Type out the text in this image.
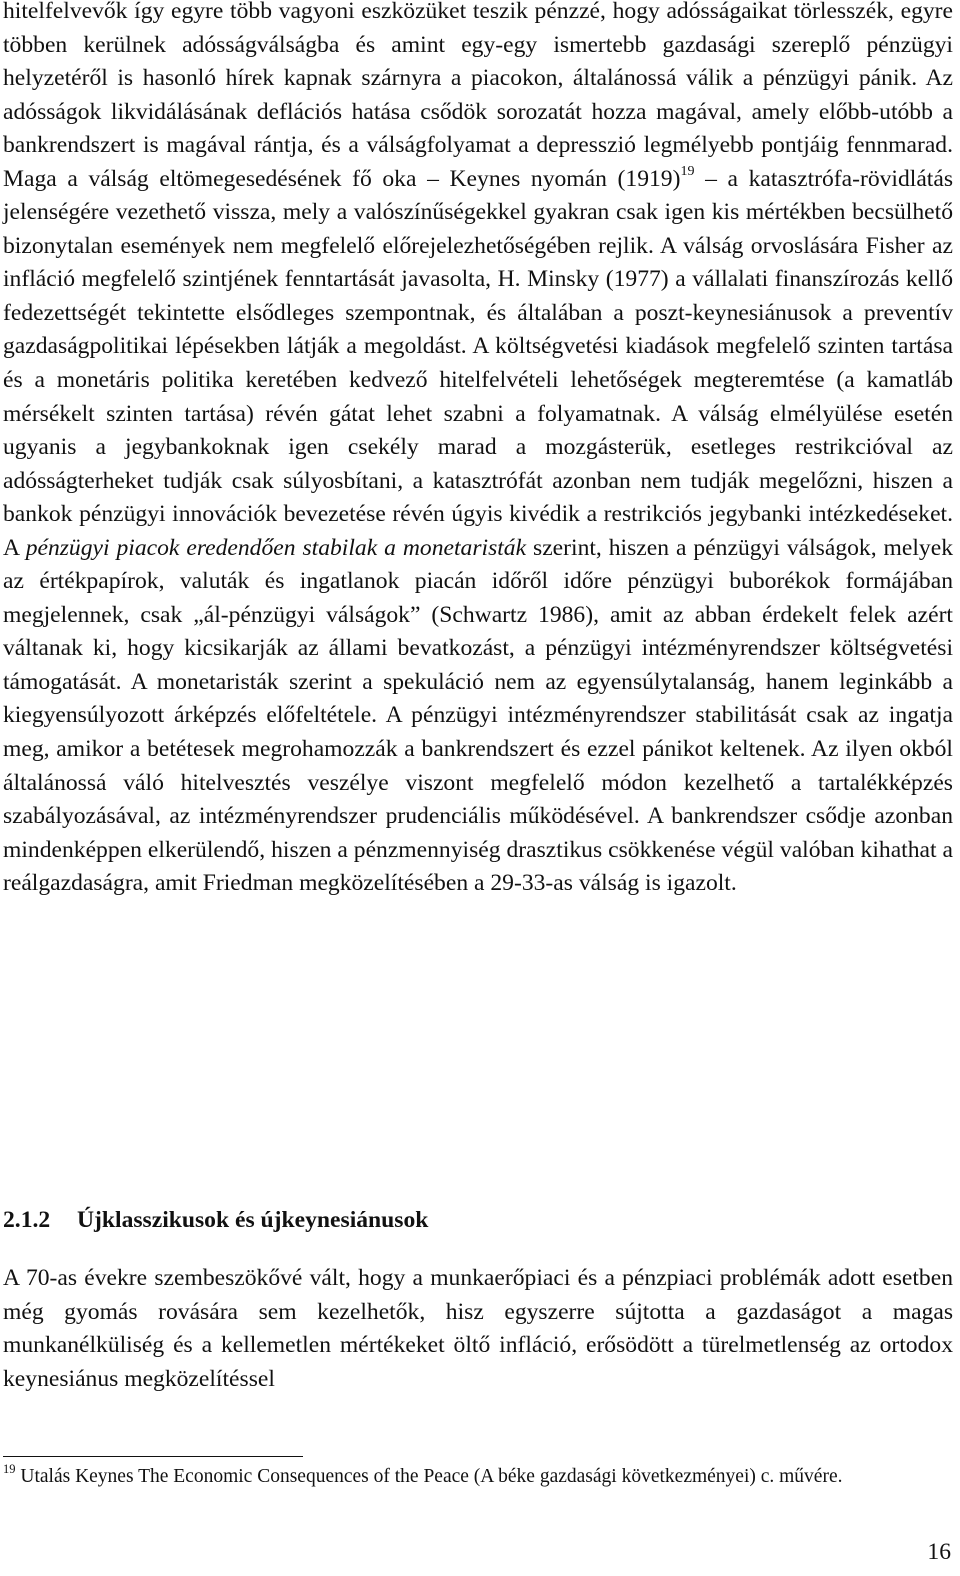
hitelfelvevők így egyre több vagyoni eszközüket teszik pénzzé, hogy adósságaikat törlesszék, egyre többen kerülnek adósságválságba és amint egy-egy ismertebb gazdasági szereplő pénzügyi helyzetéről is hasonló hírek kapnak szárnyra a piacokon, általánossá válik a pénzügyi pánik. Az adósságok likvidálásának deflációs hatása csődök sorozatát hozza magával, amely előbb-utóbb a bankrendszert is magával rántja, és a válságfolyamat a depresszió legmélyebb pontjáig fennmarad. Maga a válság eltömegesedésének fő oka – Keynes nyomán $(1919)^{19}$ – a katasztrófa-rövidlátás jelenségére vezethető vissza, mely a valószínűségekkel gyakran csak igen kis mértékben becsülhető bizonytalan események nem megfelelő előrejelezhetőségében rejlik. A válság orvoslására Fisher az infláció megfelelő szintjének fenntartását javasolta, H. Minsky (1977) a vállalati finanszírozás kellő fedezettségét tekintette elsődleges szempontnak, és általában a poszt-keynesiánusok a preventív gazdaságpolitikai lépésekben látják a megoldást. A költségvetési kiadások megfelelő szinten tartása és a monetáris politika keretében kedvező hitelfelvételi lehetőségek megteremtése (a kamatláb mérsékelt szinten tartása) révén gátat lehet szabni a folyamatnak. A válság elmélyülése esetén ugyanis a jegybankoknak igen csekély marad a mozgásterük, esetleges restrikcióval az adósságterheket tudják csak súlyosbítani, a katasztrófát azonban nem tudják megelőzni, hiszen a bankok pénzügyi innovációk bevezetése révén úgyis kivédik a restrikciós jegybanki intézkedéseket. A pénzügyi piacok eredendően stabilak a monetaristák szerint, hiszen a pénzügyi válságok, melyek az értékpapírok, valuták és ingatlanok piacán időről időre pénzügyi buborékok formájában megjelennek, csak „ál-pénzügyi válságok” (Schwartz 1986), amit az abban érdekelt felek azért váltanak ki, hogy kicsikarják az állami bevatkozást, a pénzügyi intézményrendszer költségvetési támogatását. A monetaristák szerint a spekuláció nem az egyensúlytalanság, hanem leginkább a kiegyensúlyozott árképzés előfeltétele. A pénzügyi intézményrendszer stabilitását csak az ingatja meg, amikor a betétesek megrohamozzák a bankrendszert és ezzel pánikot keltenek. Az ilyen okból általánossá váló hitelvesztés veszélye viszont megfelelő módon kezelhető a tartalékképzés szabályozásával, az intézményrendszer prudenciális működésével. A bankrendszer csődje azonban mindenképpen elkerülendő, hiszen a pénzmennyiség drasztikus csökkenése végül valóban kihathat a reálgazdaságra, amit Friedman megközelítésében a 29-33-as válság is igazolt.

2.1.2 Újklasszikusok és újkeynesiánusok

A 70-as évekre szembeszökővé vált, hogy a munkaerőpiaci és a pénzpiaci problémák adott esetben még gyomás rovására sem kezelhetők, hisz egyszerre sújtotta a gazdaságot a magas munkanélküliség és a kellemetlen mértékeket öltő infláció, erősödött a türelmetlenség az ortodox keynesiánus megközelítéssel

$^{19}$ Utalás Keynes The Economic Consequences of the Peace (A béke gazdasági következményei) c. művére.

16
